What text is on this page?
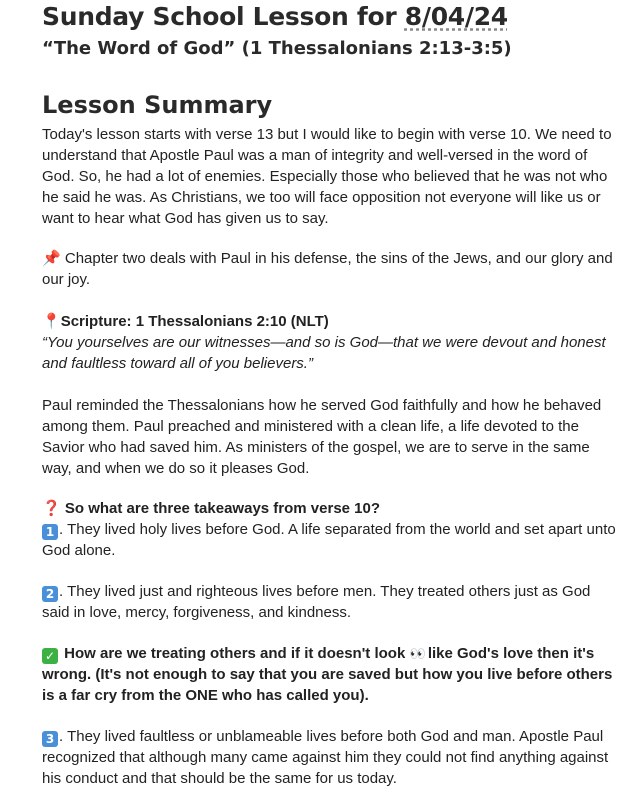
Sunday School Lesson for 8/04/24
“The Word of God” (1 Thessalonians 2:13-3:5)
Lesson Summary

Today's lesson starts with verse 13 but I would like to begin with verse 10. We need to understand that Apostle Paul was a man of integrity and well-versed in the word of God. So, he had a lot of enemies. Especially those who believed that he was not who he said he was. As Christians, we too will face opposition not everyone will like us or want to hear what God has given us to say.

📌 Chapter two deals with Paul in his defense, the sins of the Jews, and our glory and our joy.

📍Scripture: 1 Thessalonians 2:10 (NLT)

“You yourselves are our witnesses—and so is God—that we were devout and honest and faultless toward all of you believers.”

Paul reminded the Thessalonians how he served God faithfully and how he behaved among them. Paul preached and ministered with a clean life, a life devoted to the Savior who had saved him. As ministers of the gospel, we are to serve in the same way, and when we do so it pleases God.

❓ So what are three takeaways from verse 10?

1 . They lived holy lives before God. A life separated from the world and set apart unto God alone.

2 . They lived just and righteous lives before men. They treated others just as God said in love, mercy, forgiveness, and kindness.

✓ How are we treating others and if it doesn't look 👀 like God's love then it's wrong. (It's not enough to say that you are saved but how you live before others is a far cry from the ONE who has called you).

3 . They lived faultless or unblameable lives before both God and man. Apostle Paul recognized that although many came against him they could not find anything against his conduct and that should be the same for us today.
